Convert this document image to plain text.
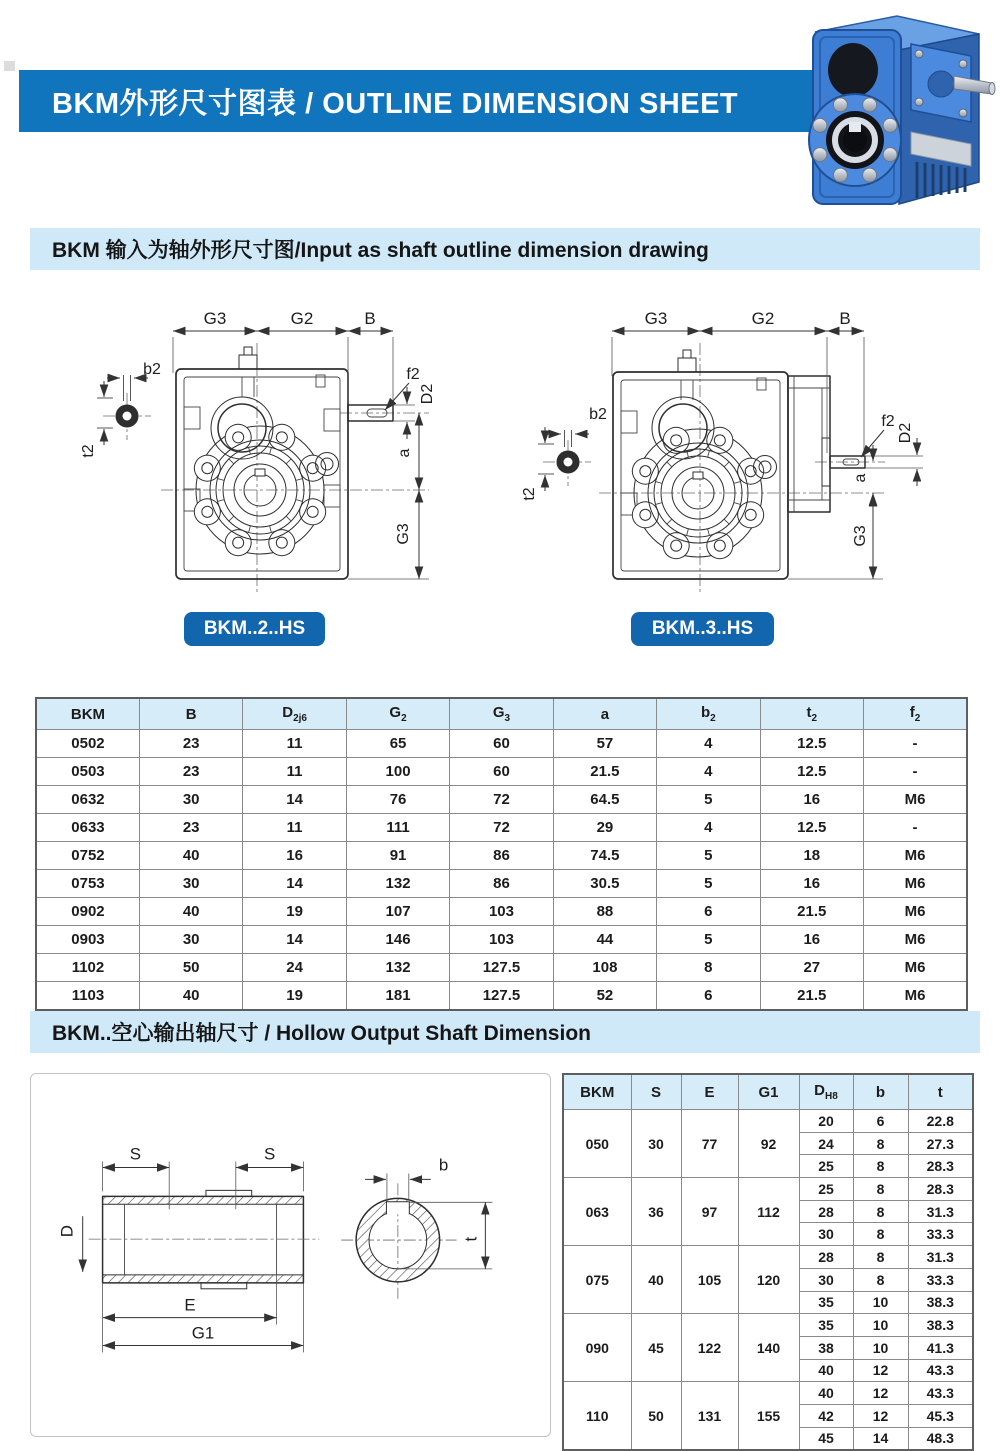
BKM外形尺寸图表 / OUTLINE DIMENSION SHEET
BKM 输入为轴外形尺寸图/Input as shaft outline dimension drawing
G3	G2	B
b2
t2
f2
D2
a
G3
G3	G2	B
b2
t2
f2
D2
a
G3
BKM..2..HS	BKM..3..HS
BKM	B	$D_{2j6}$	$G_2$	$G_3$	a	$b_2$	$t_2$	$f_2$
0502	23	11	65	60	57	4	12.5	-
0503	23	11	100	60	21.5	4	12.5	-
0632	30	14	76	72	64.5	5	16	M6
0633	23	11	111	72	29	4	12.5	-
0752	40	16	91	86	74.5	5	18	M6
0753	30	14	132	86	30.5	5	16	M6
0902	40	19	107	103	88	6	21.5	M6
0903	30	14	146	103	44	5	16	M6
1102	50	24	132	127.5	108	8	27	M6
1103	40	19	181	127.5	52	6	21.5	M6
BKM..空心输出轴尺寸 / Hollow Output Shaft Dimension
S	S
D
E
G1
b
t
BKM	S	E	G1	$D_{H8}$	b	t
050	30	77	92	20	6	22.8
				24	8	27.3
				25	8	28.3
063	36	97	112	25	8	28.3
				28	8	31.3
				30	8	33.3
075	40	105	120	28	8	31.3
				30	8	33.3
				35	10	38.3
090	45	122	140	35	10	38.3
				38	10	41.3
				40	12	43.3
110	50	131	155	40	12	43.3
				42	12	45.3
				45	14	48.3
